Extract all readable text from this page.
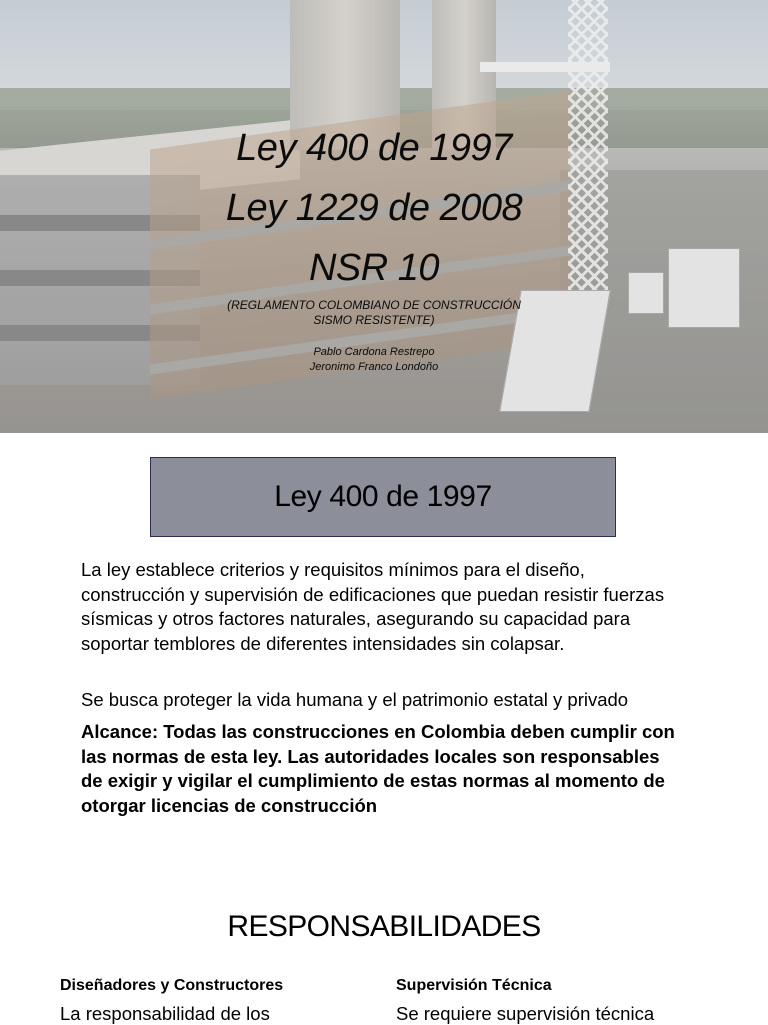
Ley 400 de 1997
Ley 1229 de 2008
NSR 10
(REGLAMENTO COLOMBIANO DE CONSTRUCCIÓN
SISMO RESISTENTE)
Pablo Cardona Restrepo
Jeronimo Franco Londoño
Ley 400 de 1997

La ley establece criterios y requisitos mínimos para el diseño, construcción y supervisión de edificaciones que puedan resistir fuerzas sísmicas y otros factores naturales, asegurando su capacidad para soportar temblores de diferentes intensidades sin colapsar.

Se busca proteger la vida humana y el patrimonio estatal y privado

Alcance: Todas las construcciones en Colombia deben cumplir con las normas de esta ley. Las autoridades locales son responsables de exigir y vigilar el cumplimiento de estas normas al momento de otorgar licencias de construcción

RESPONSABILIDADES
Diseñadores y Constructores
La responsabilidad de los
Supervisión Técnica
Se requiere supervisión técnica
